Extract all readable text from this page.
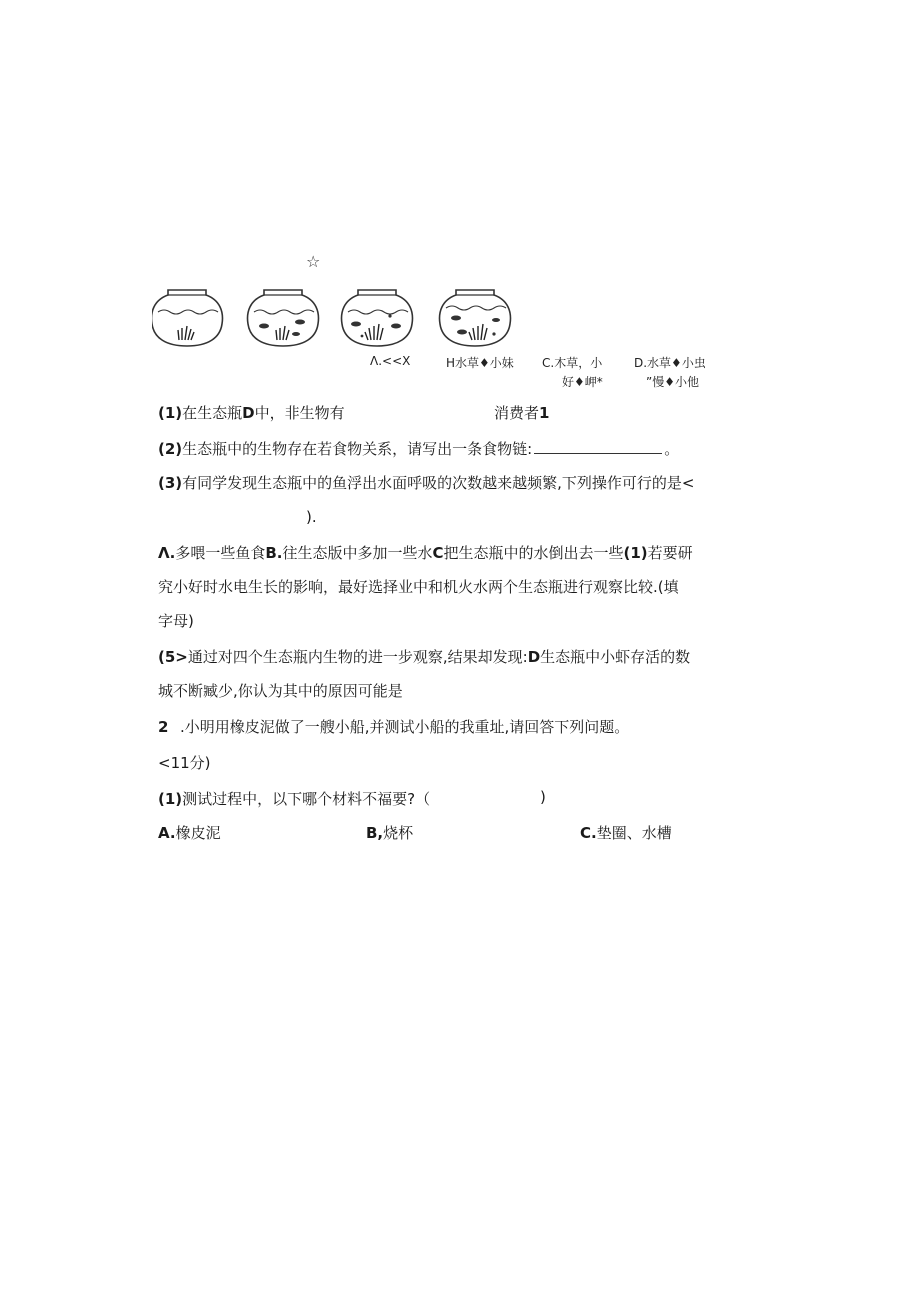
☆
Λ.<<X	H水草♦小妹 C.木草，小
好♦岬*
D.水草♦小虫
”慢♦小他
(1)在生态瓶D中，非生物有	消费者1
(2)生态瓶中的生物存在若食物关系，请写出一条食物链:	。
(3)有同学发现生态瓶中的鱼浮出水面呼吸的次数越来越频繁,下列操作可行的是<
).
Λ.多喂一些鱼食B.往生态版中多加一些水C把生态瓶中的水倒出去一些(1)若要研
究小好时水电生长的影响，最好选择业中和机火水两个生态瓶进行观察比较.(填
字母)
(5>通过对四个生态瓶内生物的进一步观察,结果却发现:D生态瓶中小虾存活的数
城不断臧少,你认为其中的原因可能是
2 .小明用橡皮泥做了一艘小船,并测试小船的我重址,请回答下列问题。
<11分)
(1)测试过程中，以下哪个材料不福要?（	)
A.橡皮泥	B,烧杯	C.垫圈、水槽
